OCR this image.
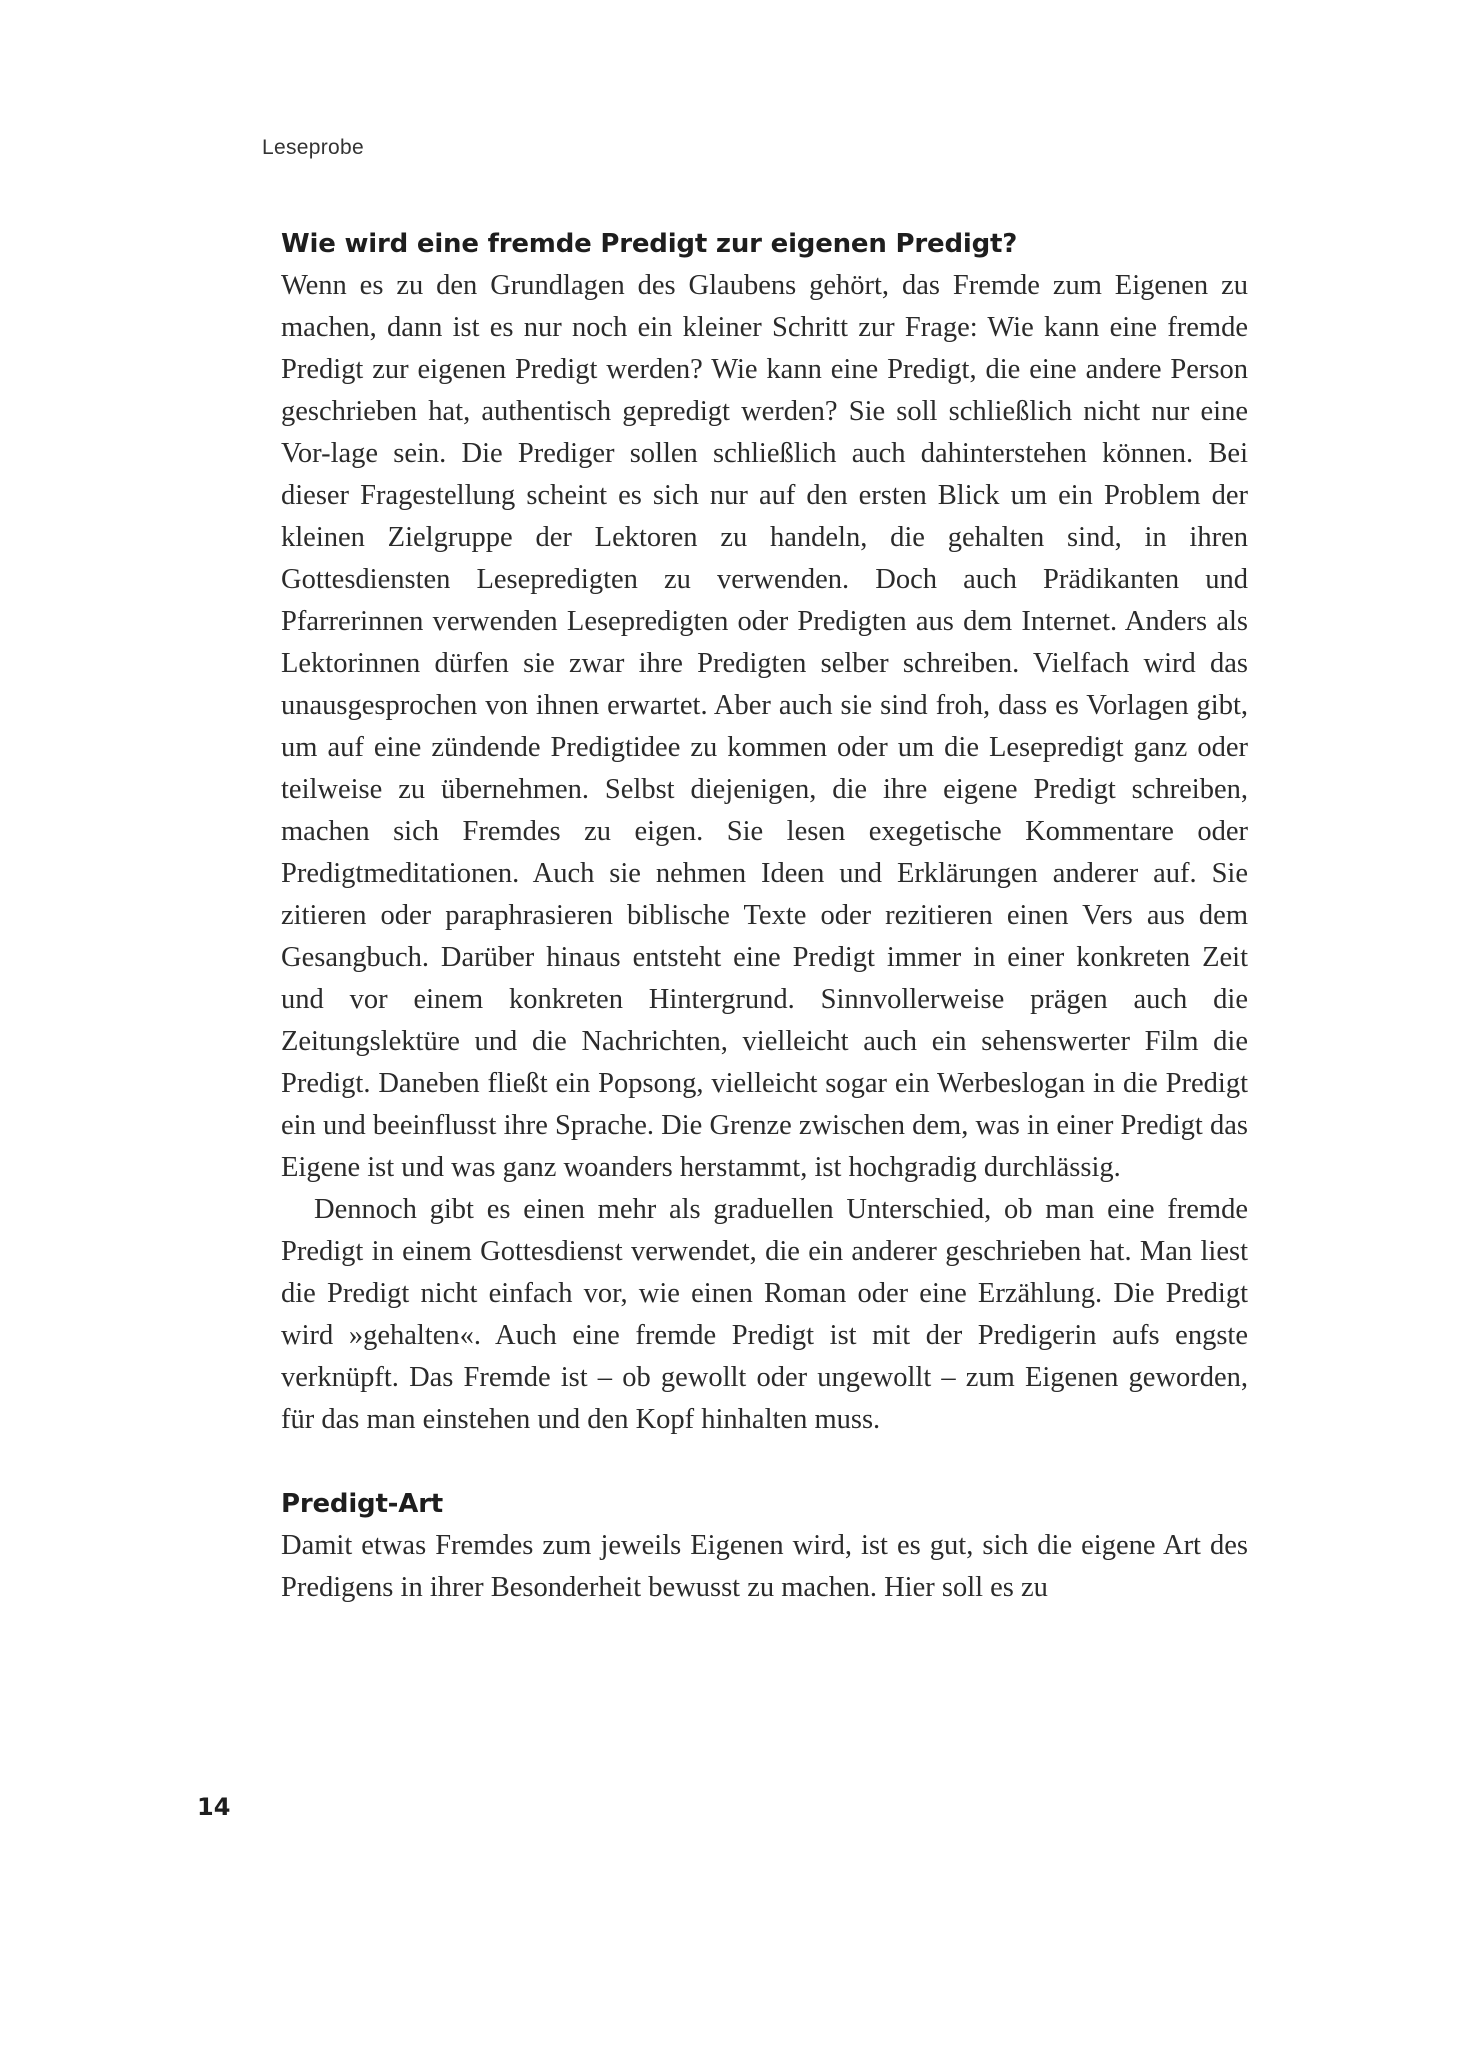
Leseprobe
Wie wird eine fremde Predigt zur eigenen Predigt?

Wenn es zu den Grundlagen des Glaubens gehört, das Fremde zum Eigenen zu machen, dann ist es nur noch ein kleiner Schritt zur Frage: Wie kann eine fremde Predigt zur eigenen Predigt werden? Wie kann eine Predigt, die eine andere Person geschrieben hat, authentisch gepredigt werden? Sie soll schließlich nicht nur eine Vor-lage sein. Die Prediger sollen schließlich auch dahinterstehen können. Bei dieser Fragestellung scheint es sich nur auf den ersten Blick um ein Problem der kleinen Zielgruppe der Lektoren zu handeln, die gehalten sind, in ihren Gottesdiensten Lesepredigten zu verwenden. Doch auch Prädikanten und Pfarrerinnen verwenden Lesepredigten oder Predigten aus dem Internet. Anders als Lektorinnen dürfen sie zwar ihre Predigten selber schreiben. Vielfach wird das unausgesprochen von ihnen erwartet. Aber auch sie sind froh, dass es Vorlagen gibt, um auf eine zündende Predigtidee zu kommen oder um die Lesepredigt ganz oder teilweise zu übernehmen. Selbst diejenigen, die ihre eigene Predigt schreiben, machen sich Fremdes zu eigen. Sie lesen exegetische Kommentare oder Predigtmeditationen. Auch sie nehmen Ideen und Erklärungen anderer auf. Sie zitieren oder paraphrasieren biblische Texte oder rezitieren einen Vers aus dem Gesangbuch. Darüber hinaus entsteht eine Predigt immer in einer konkreten Zeit und vor einem konkreten Hintergrund. Sinnvollerweise prägen auch die Zeitungslektüre und die Nachrichten, vielleicht auch ein sehenswerter Film die Predigt. Daneben fließt ein Popsong, vielleicht sogar ein Werbeslogan in die Predigt ein und beeinflusst ihre Sprache. Die Grenze zwischen dem, was in einer Predigt das Eigene ist und was ganz woanders herstammt, ist hochgradig durchlässig.

Dennoch gibt es einen mehr als graduellen Unterschied, ob man eine fremde Predigt in einem Gottesdienst verwendet, die ein anderer geschrieben hat. Man liest die Predigt nicht einfach vor, wie einen Roman oder eine Erzählung. Die Predigt wird »gehalten«. Auch eine fremde Predigt ist mit der Predigerin aufs engste verknüpft. Das Fremde ist – ob gewollt oder ungewollt – zum Eigenen geworden, für das man einstehen und den Kopf hinhalten muss.

Predigt-Art

Damit etwas Fremdes zum jeweils Eigenen wird, ist es gut, sich die eigene Art des Predigens in ihrer Besonderheit bewusst zu machen. Hier soll es zu

14
